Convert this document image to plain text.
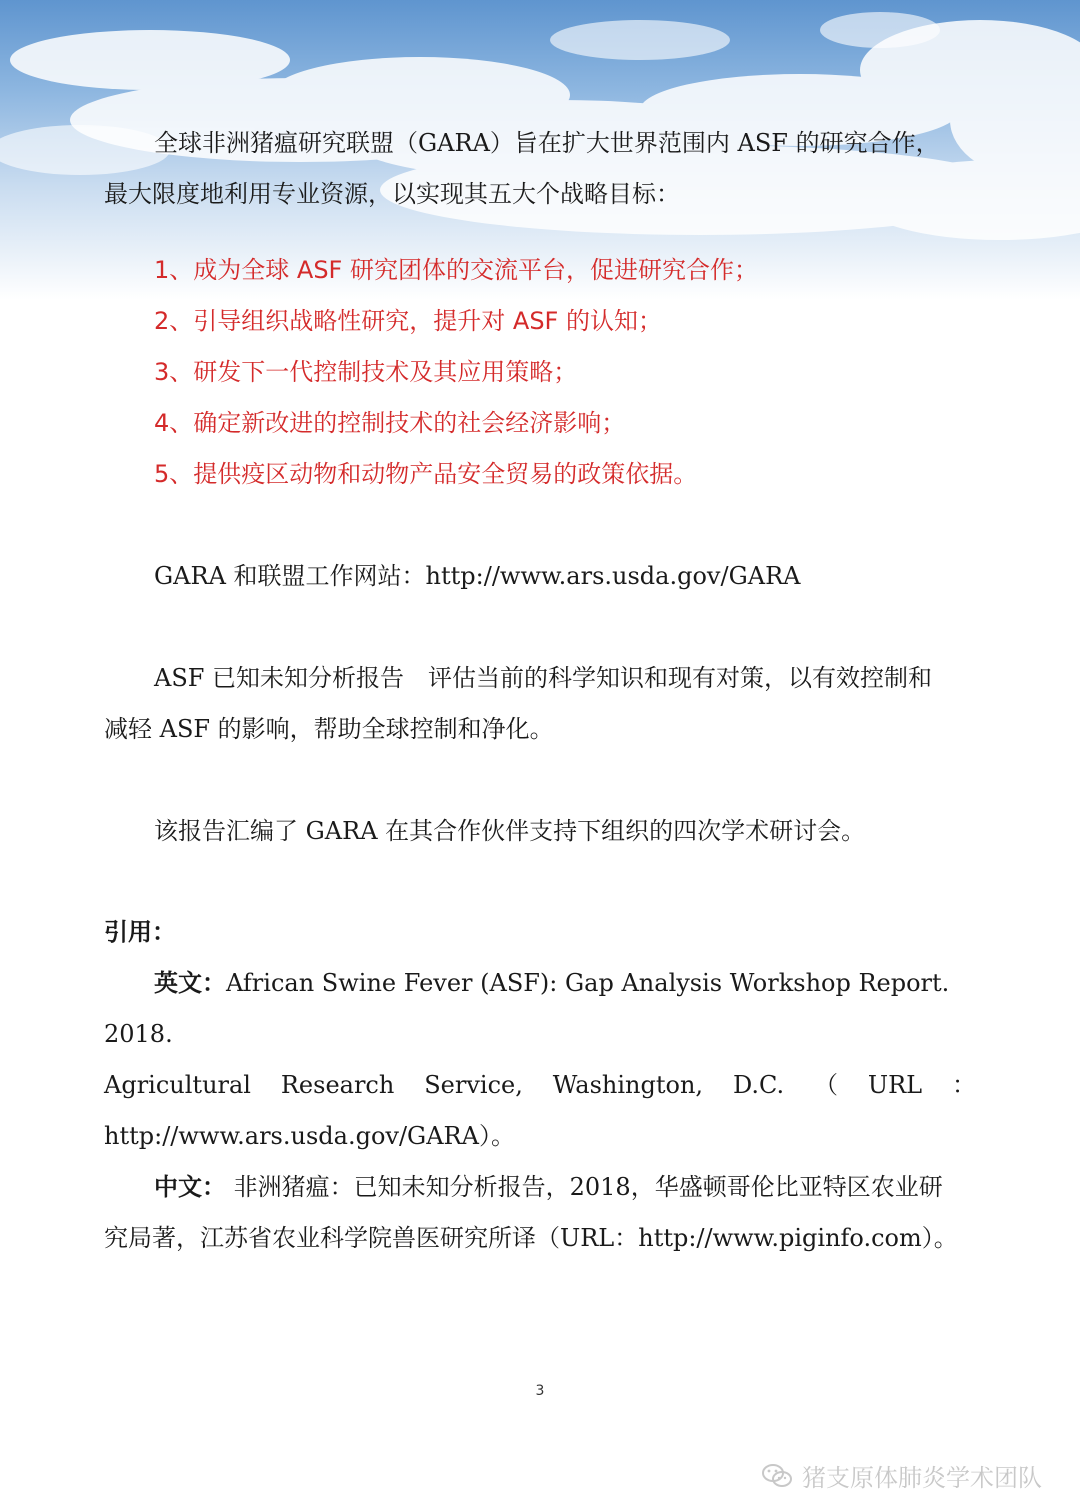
全球非洲猪瘟研究联盟（GARA）旨在扩大世界范围内 ASF 的研究合作，

最大限度地利用专业资源，以实现其五大个战略目标：

1、成为全球 ASF 研究团体的交流平台，促进研究合作；

2、引导组织战略性研究，提升对 ASF 的认知；

3、研发下一代控制技术及其应用策略；

4、确定新改进的控制技术的社会经济影响；

5、提供疫区动物和动物产品安全贸易的政策依据。

GARA 和联盟工作网站：http://www.ars.usda.gov/GARA

ASF 已知未知分析报告　评估当前的科学知识和现有对策，以有效控制和

减轻 ASF 的影响，帮助全球控制和净化。

该报告汇编了 GARA 在其合作伙伴支持下组织的四次学术研讨会。

引用：

英文：African Swine Fever (ASF): Gap Analysis Workshop Report. 2018.

Agricultural Research Service, Washington, D.C. （ URL ：

http://www.ars.usda.gov/GARA）。

中文： 非洲猪瘟：已知未知分析报告，2018，华盛顿哥伦比亚特区农业研

究局著，江苏省农业科学院兽医研究所译（URL：http://www.piginfo.com）。

3
猪支原体肺炎学术团队
